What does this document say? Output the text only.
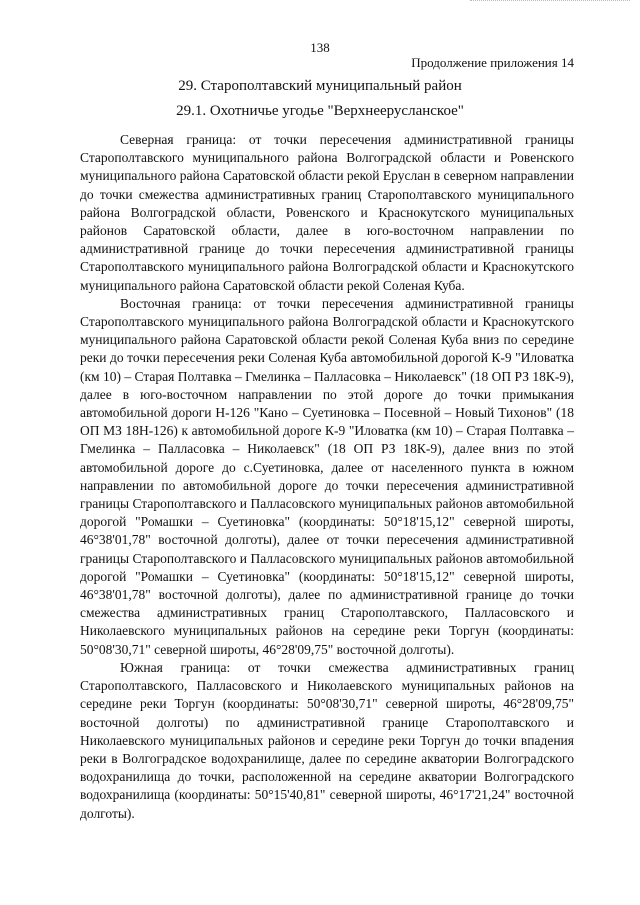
138
Продолжение приложения 14
29. Старополтавский муниципальный район
29.1. Охотничье угодье "Верхнеерусланское"

Северная граница: от точки пересечения административной границы Старополтавского муниципального района Волгоградской области и Ровенского муниципального района Саратовской области рекой Еруслан в северном направлении до точки смежества административных границ Старополтавского муниципального района Волгоградской области, Ровенского и Краснокутского муниципальных районов Саратовской области, далее в юго-восточном направлении по административной границе до точки пересечения административной границы Старополтавского муниципального района Волгоградской области и Краснокутского муниципального района Саратовской области рекой Соленая Куба.

Восточная граница: от точки пересечения административной границы Старополтавского муниципального района Волгоградской области и Краснокутского муниципального района Саратовской области рекой Соленая Куба вниз по середине реки до точки пересечения реки Соленая Куба автомобильной дорогой К-9 "Иловатка (км 10) – Старая Полтавка – Гмелинка – Палласовка – Николаевск" (18 ОП РЗ 18К-9), далее в юго-восточном направлении по этой дороге до точки примыкания автомобильной дороги Н-126 "Кано – Суетиновка – Посевной – Новый Тихонов" (18 ОП МЗ 18Н-126) к автомобильной дороге К-9 "Иловатка (км 10) – Старая Полтавка – Гмелинка – Палласовка – Николаевск" (18 ОП РЗ 18К-9), далее вниз по этой автомобильной дороге до с.Суетиновка, далее от населенного пункта в южном направлении по автомобильной дороге до точки пересечения административной границы Старополтавского и Палласовского муниципальных районов автомобильной дорогой "Ромашки – Суетиновка" (координаты: 50°18'15,12" северной широты, 46°38'01,78" восточной долготы), далее от точки пересечения административной границы Старополтавского и Палласовского муниципальных районов автомобильной дорогой "Ромашки – Суетиновка" (координаты: 50°18'15,12" северной широты, 46°38'01,78" восточной долготы), далее по административной границе до точки смежества административных границ Старополтавского, Палласовского и Николаевского муниципальных районов на середине реки Торгун (координаты: 50°08'30,71" северной широты, 46°28'09,75" восточной долготы).

Южная граница: от точки смежества административных границ Старополтавского, Палласовского и Николаевского муниципальных районов на середине реки Торгун (координаты: 50°08'30,71" северной широты, 46°28'09,75" восточной долготы) по административной границе Старополтавского и Николаевского муниципальных районов и середине реки Торгун до точки впадения реки в Волгоградское водохранилище, далее по середине акватории Волгоградского водохранилища до точки, расположенной на середине акватории Волгоградского водохранилища (координаты: 50°15'40,81" северной широты, 46°17'21,24" восточной долготы).
